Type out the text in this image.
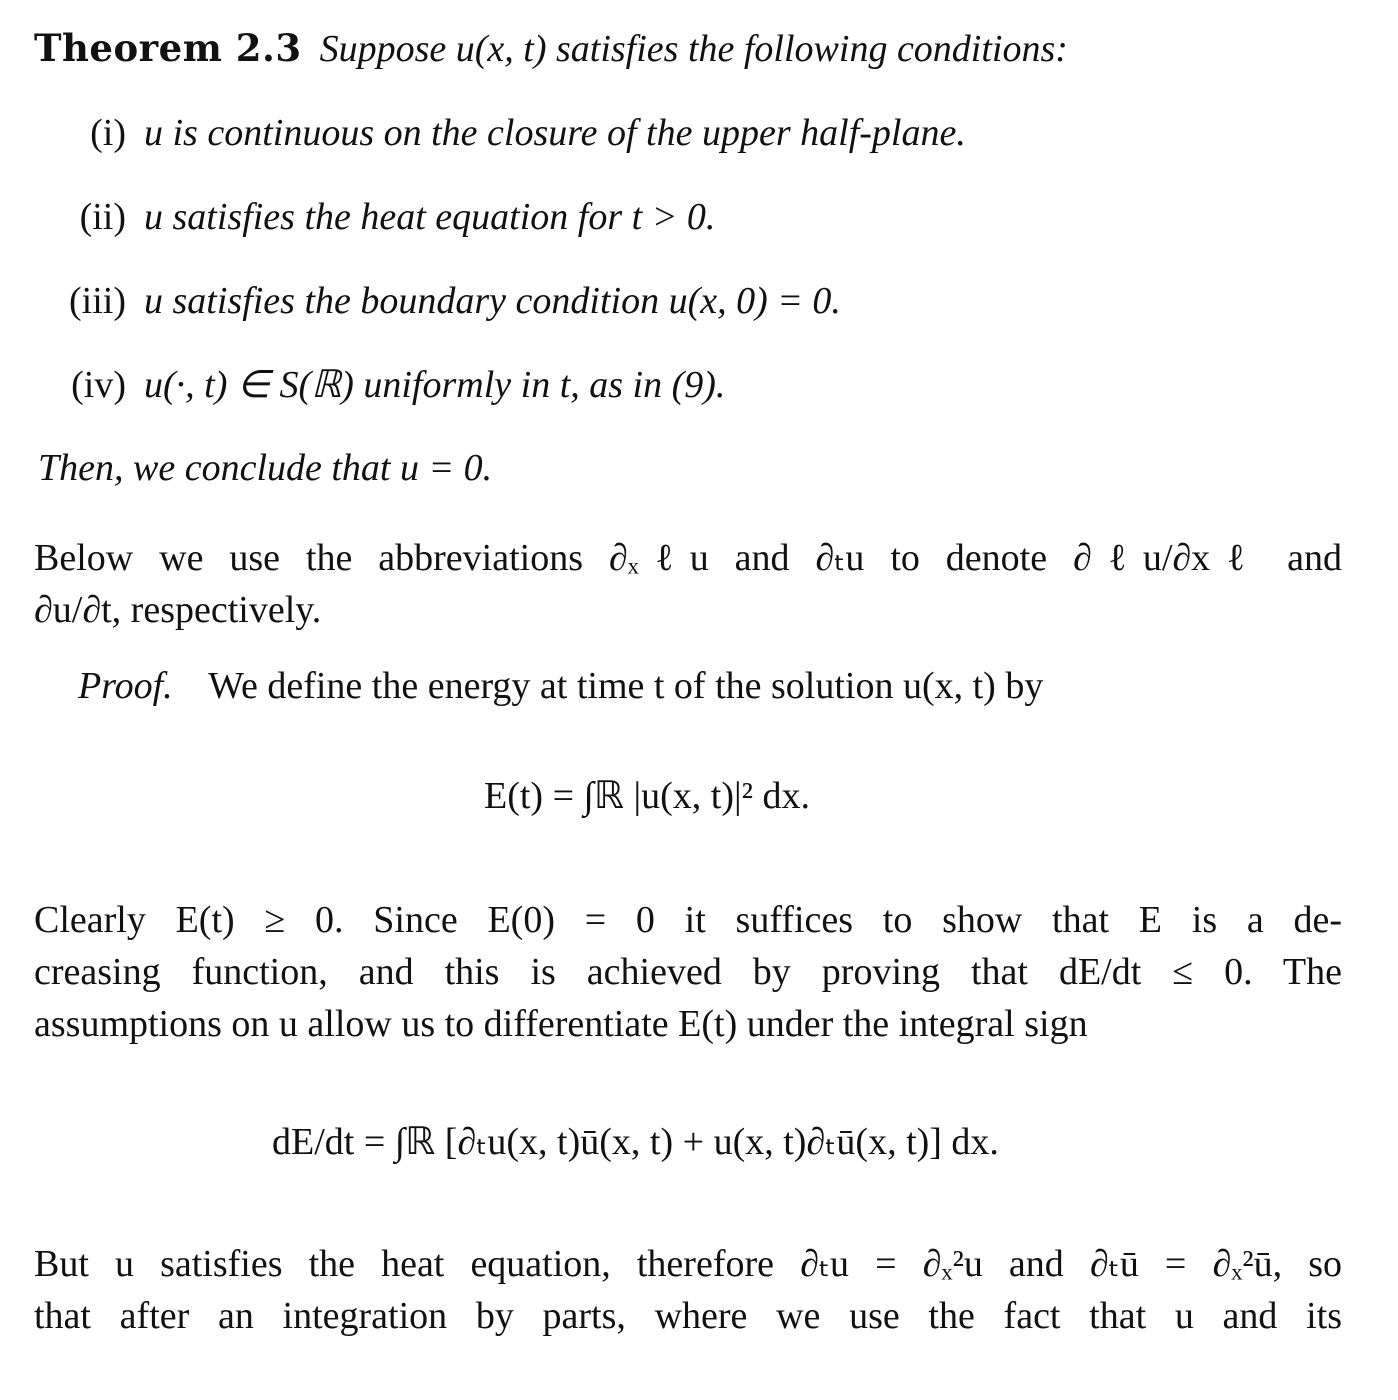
Theorem 2.3 Suppose u(x, t) satisfies the following conditions:
(i) u is continuous on the closure of the upper half-plane.
(ii) u satisfies the heat equation for t > 0.
(iii) u satisfies the boundary condition u(x, 0) = 0.
(iv) u(·, t) ∈ S(ℝ) uniformly in t, as in (9).
Then, we conclude that u = 0.
Below we use the abbreviations ∂ₓℓu and ∂ₜu to denote ∂ℓu/∂xℓ and
∂u/∂t, respectively.
Proof. We define the energy at time t of the solution u(x, t) by
E(t) = ∫ℝ |u(x, t)|² dx.
Clearly E(t) ≥ 0. Since E(0) = 0 it suffices to show that E is a de-
creasing function, and this is achieved by proving that dE/dt ≤ 0. The
assumptions on u allow us to differentiate E(t) under the integral sign
dE/dt = ∫ℝ [∂ₜu(x, t)ū(x, t) + u(x, t)∂ₜū(x, t)] dx.
But u satisfies the heat equation, therefore ∂ₜu = ∂ₓ²u and ∂ₜū = ∂ₓ²ū, so
that after an integration by parts, where we use the fact that u and its
